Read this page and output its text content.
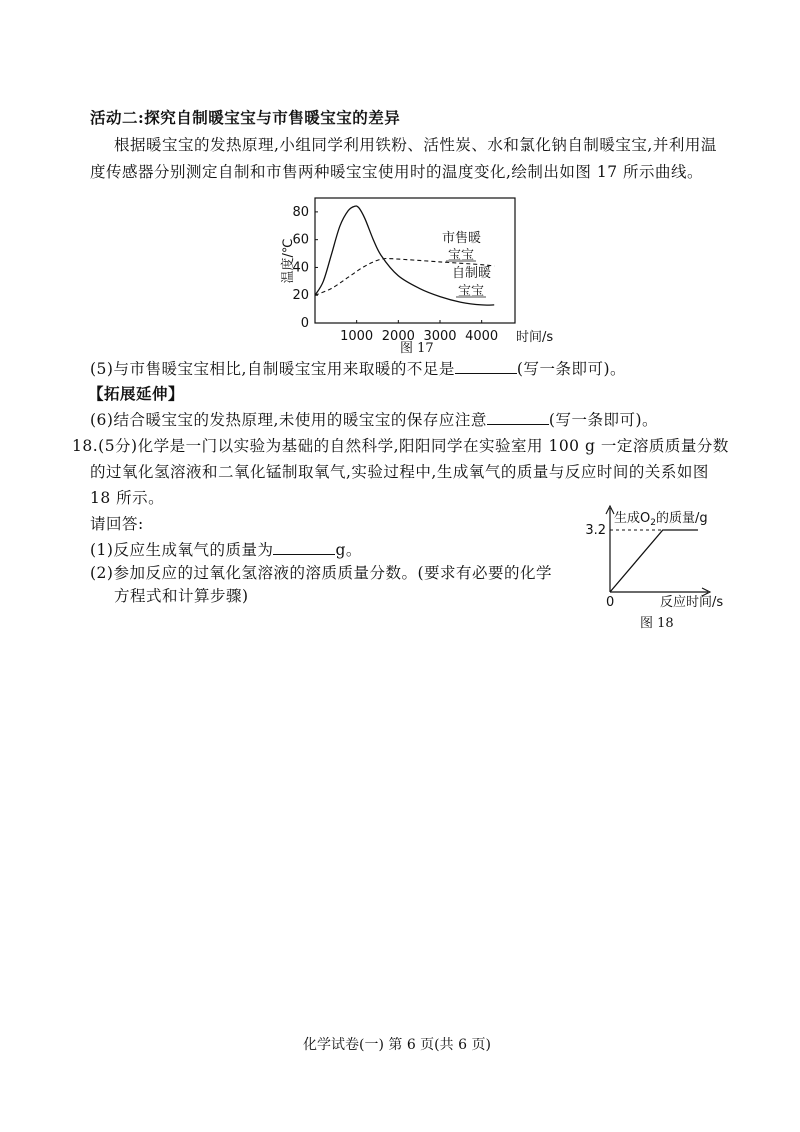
活动二:探究自制暖宝宝与市售暖宝宝的差异
根据暖宝宝的发热原理,小组同学利用铁粉、活性炭、水和氯化钠自制暖宝宝,并利用温
度传感器分别测定自制和市售两种暖宝宝使用时的温度变化,绘制出如图 17 所示曲线。
80
60
40
20
0
1000 2000 3000 4000
温度/℃
时间/s
市售暖
宝宝
自制暖
宝宝
图 17
(5)与市售暖宝宝相比,自制暖宝宝用来取暖的不足是	(写一条即可)。
【拓展延伸】
(6)结合暖宝宝的发热原理,未使用的暖宝宝的保存应注意	(写一条即可)。
18.(5分)化学是一门以实验为基础的自然科学,阳阳同学在实验室用 100 g 一定溶质质量分数
的过氧化氢溶液和二氧化锰制取氧气,实验过程中,生成氧气的质量与反应时间的关系如图
18 所示。
请回答:
(1)反应生成氧气的质量为	g。
(2)参加反应的过氧化氢溶液的溶质质量分数。(要求有必要的化学
方程式和计算步骤)
生成$O_2$的质量/g
3.2
0	反应时间/s
图 18
化学试卷(一) 第 6 页(共 6 页)
